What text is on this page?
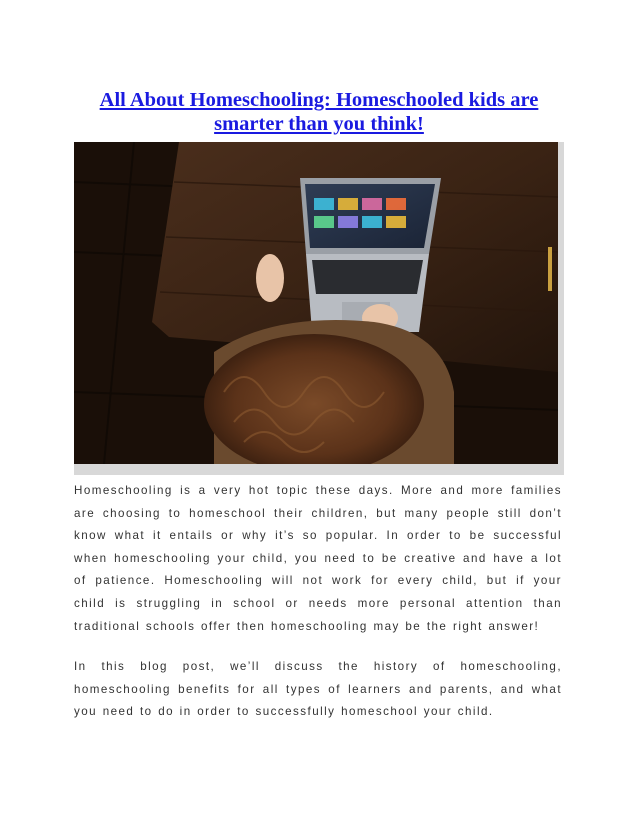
All About Homeschooling: Homeschooled kids are smarter than you think!

Homeschooling is a very hot topic these days. More and more families are choosing to homeschool their children, but many people still don’t know what it entails or why it’s so popular. In order to be successful when homeschooling your child, you need to be creative and have a lot of patience. Homeschooling will not work for every child, but if your child is struggling in school or needs more personal attention than traditional schools offer then homeschooling may be the right answer!

In this blog post, we’ll discuss the history of homeschooling, homeschooling benefits for all types of learners and parents, and what you need to do in order to successfully homeschool your child.
